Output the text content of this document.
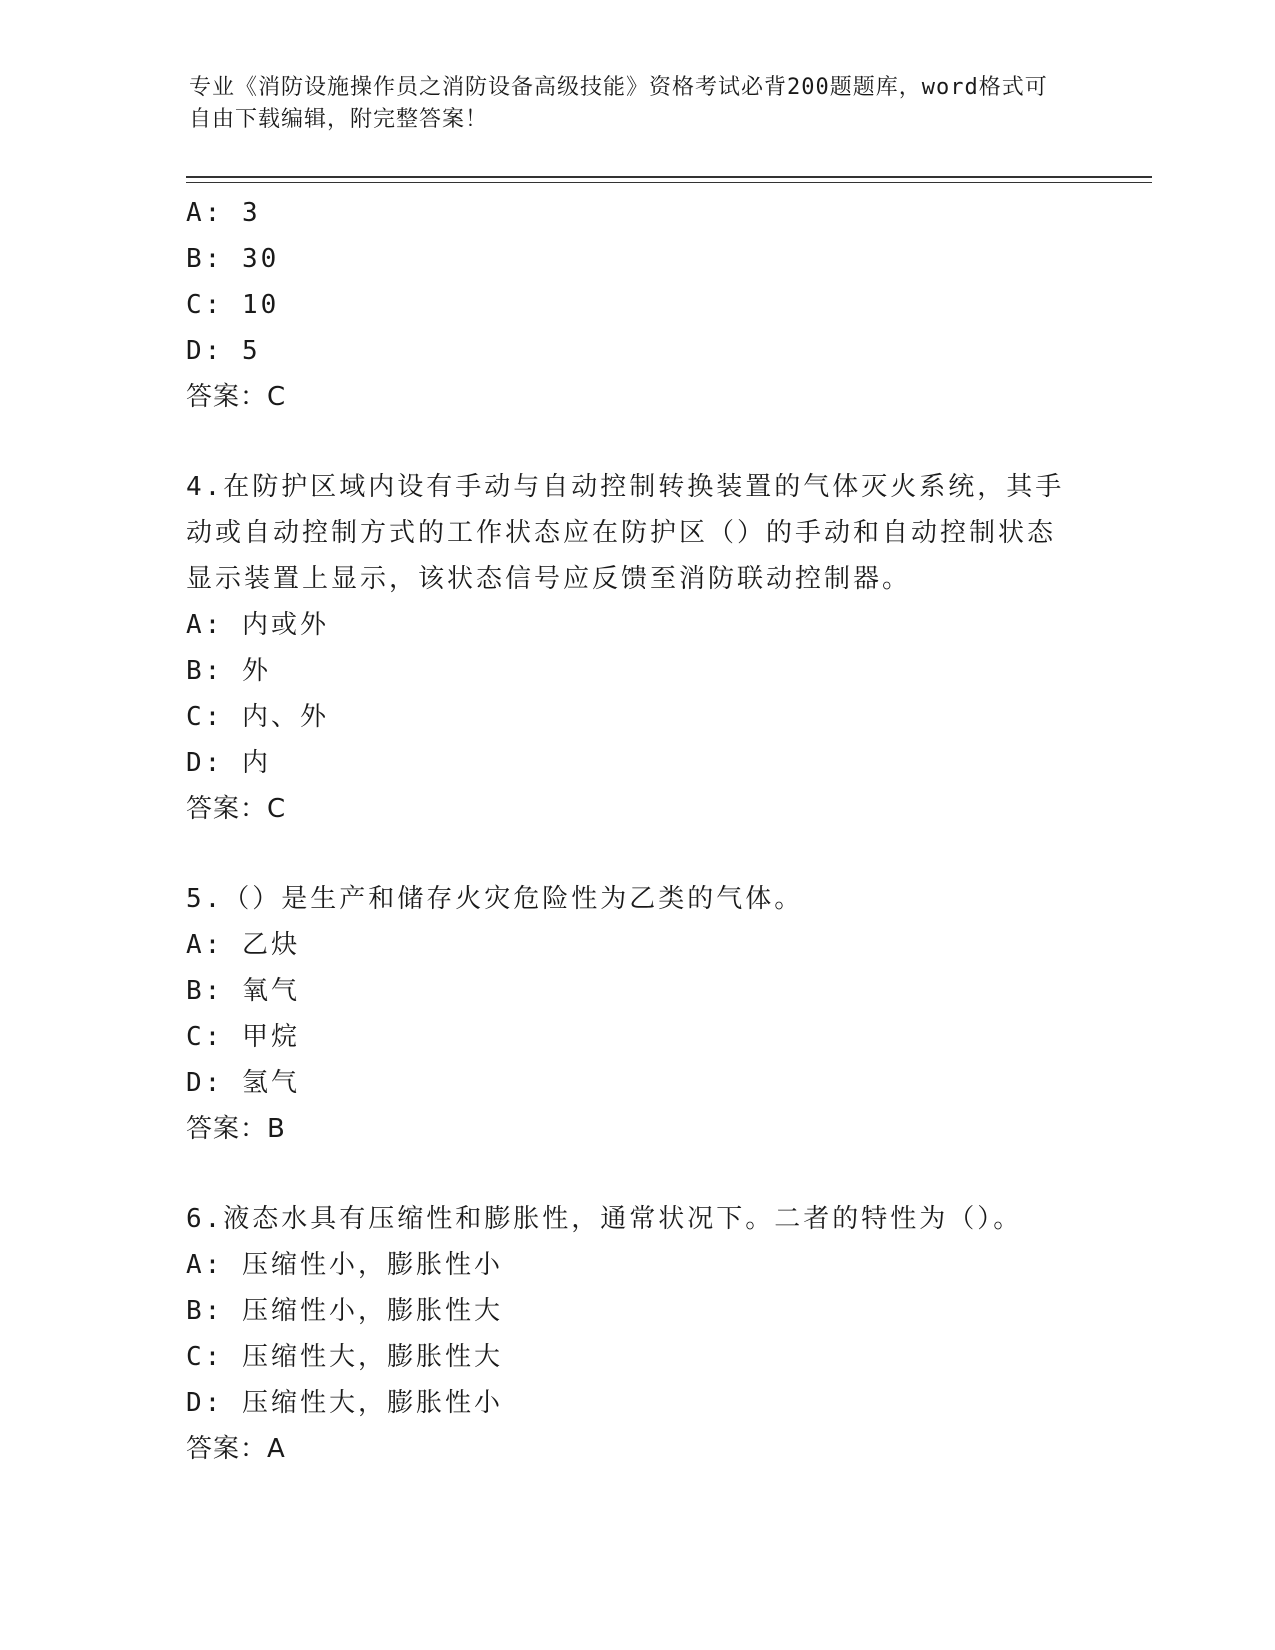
专业《消防设施操作员之消防设备高级技能》资格考试必背200题题库，word格式可自由下载编辑，附完整答案！
A: 3
B: 30
C: 10
D: 5
答案：C
4.在防护区域内设有手动与自动控制转换装置的气体灭火系统，其手动或自动控制方式的工作状态应在防护区（）的手动和自动控制状态显示装置上显示，该状态信号应反馈至消防联动控制器。
A: 内或外
B: 外
C: 内、外
D: 内
答案：C
5.（）是生产和储存火灾危险性为乙类的气体。
A: 乙炔
B: 氧气
C: 甲烷
D: 氢气
答案：B
6.液态水具有压缩性和膨胀性，通常状况下。二者的特性为（）。
A: 压缩性小，膨胀性小
B: 压缩性小，膨胀性大
C: 压缩性大，膨胀性大
D: 压缩性大，膨胀性小
答案：A
